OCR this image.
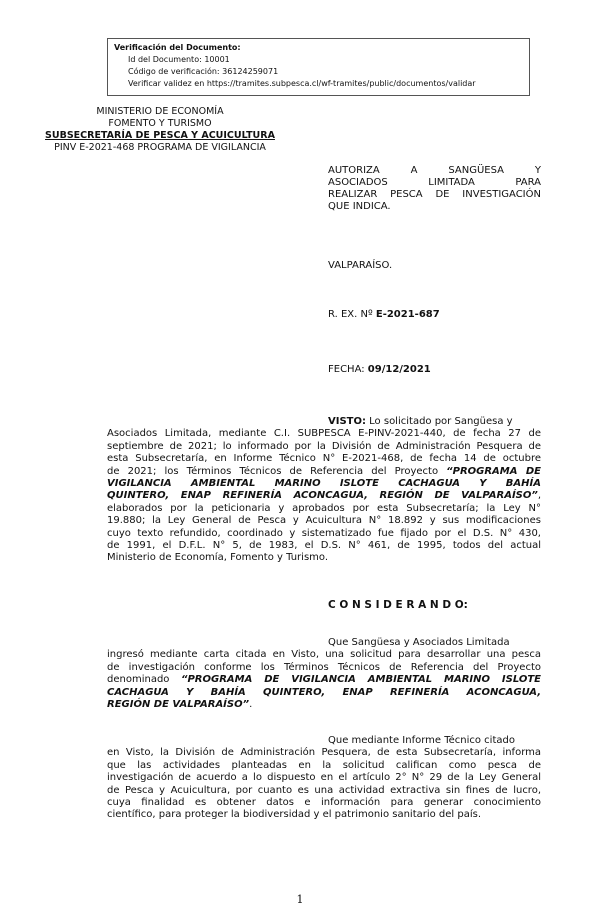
Verificación del Documento:
• Id del Documento: 10001
• Código de verificación: 36124259071
• Verificar validez en https://tramites.subpesca.cl/wf-tramites/public/documentos/validar
MINISTERIO DE ECONOMÍA
FOMENTO Y TURISMO
SUBSECRETARÍA DE PESCA Y ACUICULTURA
PINV E-2021-468 PROGRAMA DE VIGILANCIA
AUTORIZA A SANGÜESA Y
ASOCIADOS LIMITADA PARA
REALIZAR PESCA DE INVESTIGACIÓN
QUE INDICA.
VALPARAÍSO.
R. EX. Nº E-2021-687
FECHA: 09/12/2021
VISTO: Lo solicitado por Sangüesa y
Asociados Limitada, mediante C.I. SUBPESCA E-PINV-2021-440, de fecha 27 de
septiembre de 2021; lo informado por la División de Administración Pesquera de
esta Subsecretaría, en Informe Técnico N° E-2021-468, de fecha 14 de octubre
de 2021; los Términos Técnicos de Referencia del Proyecto “PROGRAMA DE
VIGILANCIA AMBIENTAL MARINO ISLOTE CACHAGUA Y BAHÍA
QUINTERO, ENAP REFINERÍA ACONCAGUA, REGIÓN DE VALPARAÍSO”,
elaborados por la peticionaria y aprobados por esta Subsecretaría; la Ley N°
19.880; la Ley General de Pesca y Acuicultura N° 18.892 y sus modificaciones
cuyo texto refundido, coordinado y sistematizado fue fijado por el D.S. N° 430,
de 1991, el D.F.L. N° 5, de 1983, el D.S. N° 461, de 1995, todos del actual
Ministerio de Economía, Fomento y Turismo.
C O N S I D E R A N D O:
Que Sangüesa y Asociados Limitada
ingresó mediante carta citada en Visto, una solicitud para desarrollar una pesca
de investigación conforme los Términos Técnicos de Referencia del Proyecto
denominado “PROGRAMA DE VIGILANCIA AMBIENTAL MARINO ISLOTE
CACHAGUA Y BAHÍA QUINTERO, ENAP REFINERÍA ACONCAGUA,
REGIÓN DE VALPARAÍSO”.
Que mediante Informe Técnico citado
en Visto, la División de Administración Pesquera, de esta Subsecretaría, informa
que las actividades planteadas en la solicitud califican como pesca de
investigación de acuerdo a lo dispuesto en el artículo 2° N° 29 de la Ley General
de Pesca y Acuicultura, por cuanto es una actividad extractiva sin fines de lucro,
cuya finalidad es obtener datos e información para generar conocimiento
científico, para proteger la biodiversidad y el patrimonio sanitario del país.
1
